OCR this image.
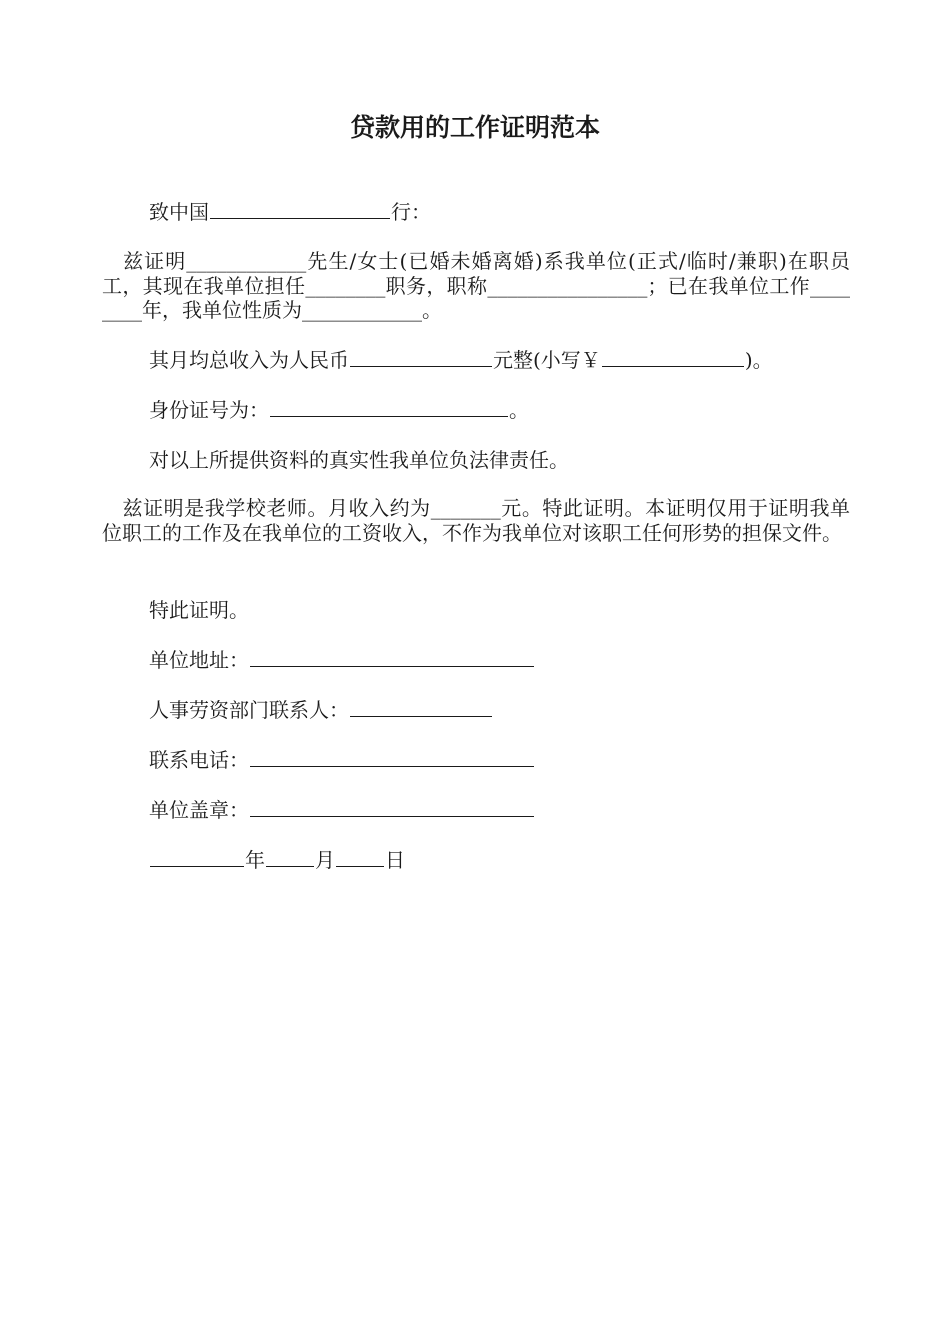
贷款用的工作证明范本
致中国	行：
　兹证明____________先生/女士(已婚未婚离婚)系我单位(正式/临时/兼职)在职员工，其现在我单位担任________职务，职称________________；已在我单位工作________年，我单位性质为____________。
其月均总收入为人民币	元整(小写￥	)。
身份证号为：	。
对以上所提供资料的真实性我单位负法律责任。
　兹证明是我学校老师。月收入约为_______元。特此证明。本证明仅用于证明我单位职工的工作及在我单位的工资收入，不作为我单位对该职工任何形势的担保文件。
特此证明。
单位地址：
人事劳资部门联系人：
联系电话：
单位盖章：
年	月	日
